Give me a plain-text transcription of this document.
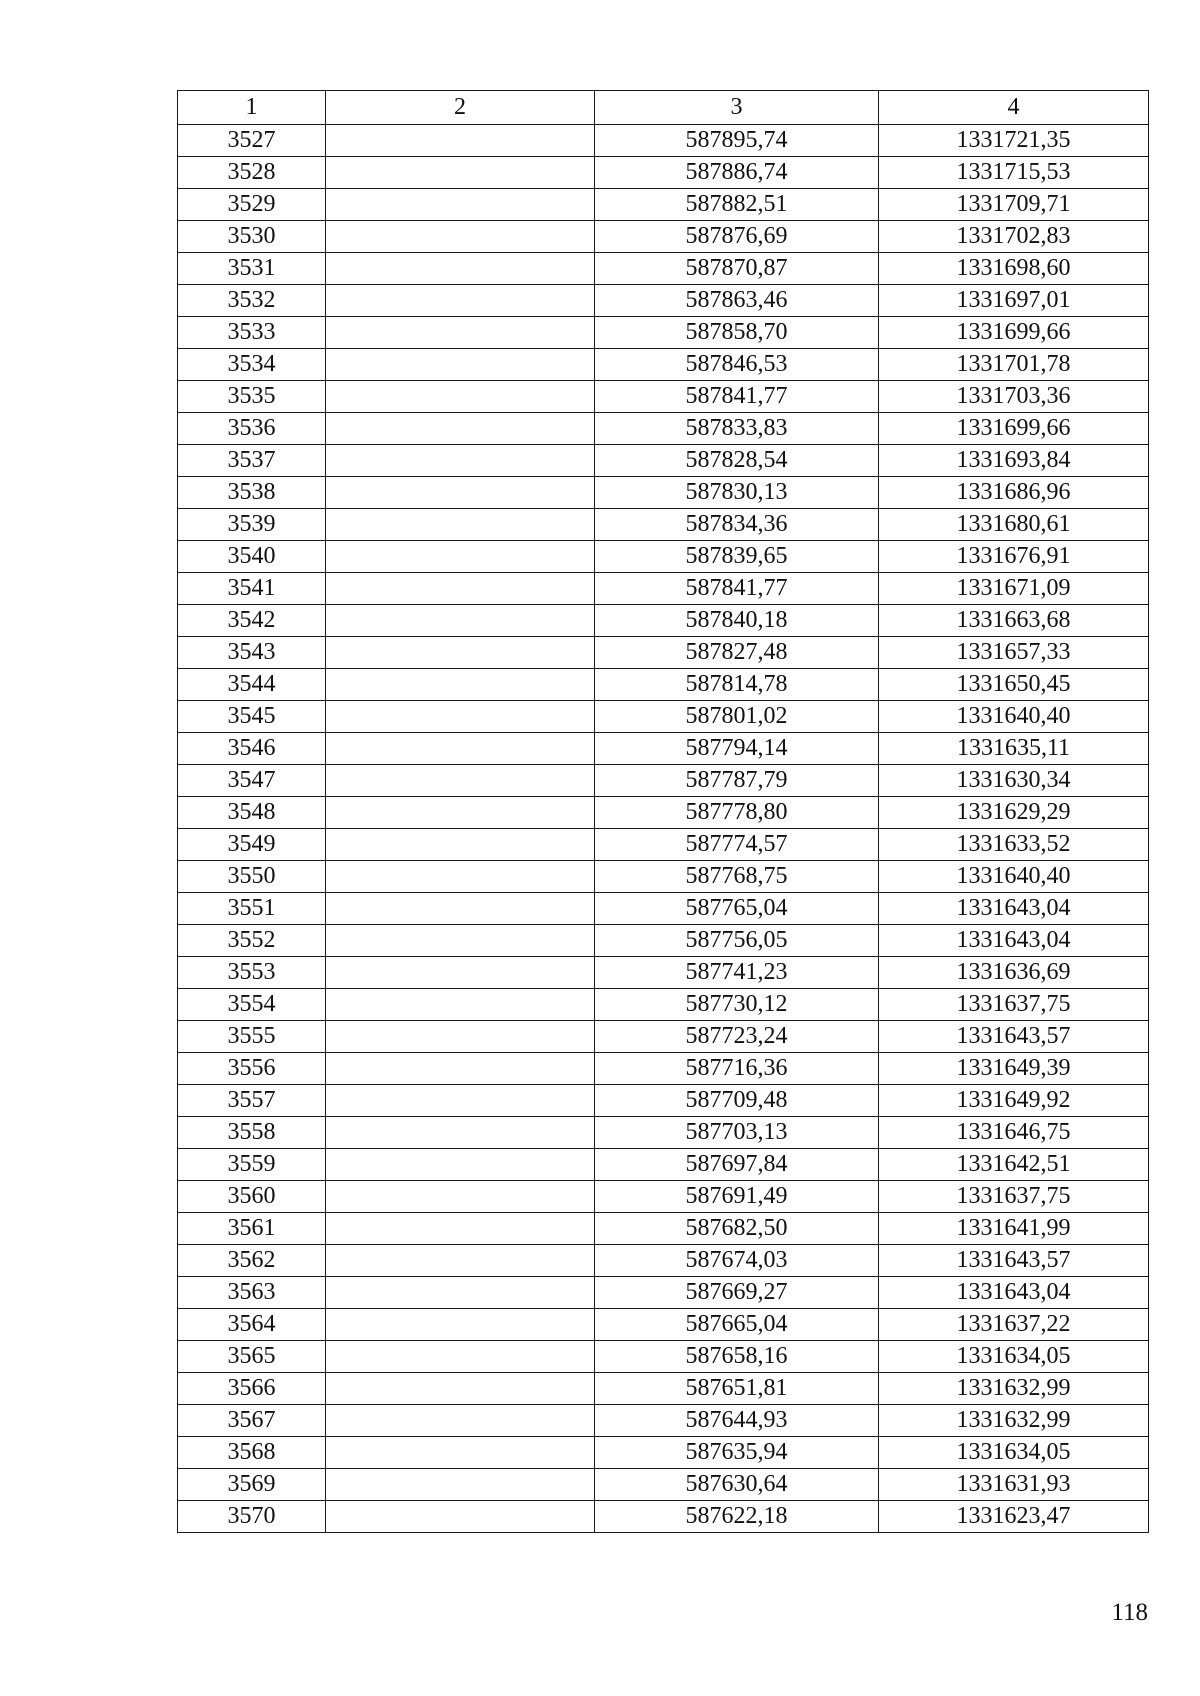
1	2	3	4
3527		587895,74	1331721,35
3528		587886,74	1331715,53
3529		587882,51	1331709,71
3530		587876,69	1331702,83
3531		587870,87	1331698,60
3532		587863,46	1331697,01
3533		587858,70	1331699,66
3534		587846,53	1331701,78
3535		587841,77	1331703,36
3536		587833,83	1331699,66
3537		587828,54	1331693,84
3538		587830,13	1331686,96
3539		587834,36	1331680,61
3540		587839,65	1331676,91
3541		587841,77	1331671,09
3542		587840,18	1331663,68
3543		587827,48	1331657,33
3544		587814,78	1331650,45
3545		587801,02	1331640,40
3546		587794,14	1331635,11
3547		587787,79	1331630,34
3548		587778,80	1331629,29
3549		587774,57	1331633,52
3550		587768,75	1331640,40
3551		587765,04	1331643,04
3552		587756,05	1331643,04
3553		587741,23	1331636,69
3554		587730,12	1331637,75
3555		587723,24	1331643,57
3556		587716,36	1331649,39
3557		587709,48	1331649,92
3558		587703,13	1331646,75
3559		587697,84	1331642,51
3560		587691,49	1331637,75
3561		587682,50	1331641,99
3562		587674,03	1331643,57
3563		587669,27	1331643,04
3564		587665,04	1331637,22
3565		587658,16	1331634,05
3566		587651,81	1331632,99
3567		587644,93	1331632,99
3568		587635,94	1331634,05
3569		587630,64	1331631,93
3570		587622,18	1331623,47
118
